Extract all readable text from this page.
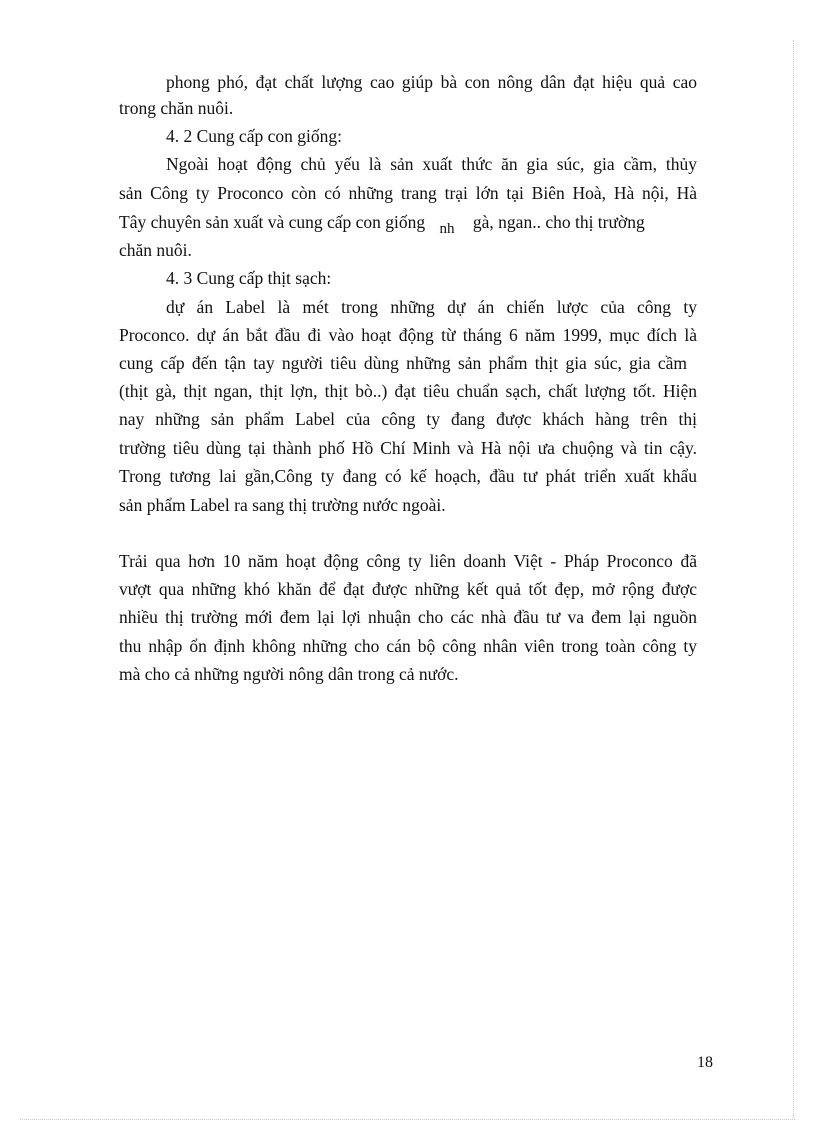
phong phó, đạt chất lượng cao giúp bà con nông dân đạt hiệu quả cao
trong chăn nuôi.
4. 2 Cung cấp con giống:
Ngoài hoạt động chủ yếu là sản xuất thức ăn gia súc, gia cầm, thủy
sản Công ty Proconco còn có những trang trại lớn tại Biên Hoà, Hà nội, Hà
Tây chuyên sản xuất và cung cấp con giống nh gà, ngan.. cho thị trường
chăn nuôi.
4. 3 Cung cấp thịt sạch:
dự án Label là mét trong những dự án chiến lược của công ty
Proconco. dự án bắt đầu đi vào hoạt động từ tháng 6 năm 1999, mục đích là
cung cấp đến tận tay người tiêu dùng những sản phẩm thịt gia súc, gia cầm
(thịt gà, thịt ngan, thịt lợn, thịt bò..) đạt tiêu chuẩn sạch, chất lượng tốt. Hiện
nay những sản phẩm Label của công ty đang được khách hàng trên thị
trường tiêu dùng tại thành phố Hồ Chí Minh và Hà nội ưa chuộng và tin cậy.
Trong tương lai gần,Công ty đang có kế hoạch, đầu tư phát triển xuất khẩu
sản phẩm Label ra sang thị trường nước ngoài.
Trải qua hơn 10 năm hoạt động công ty liên doanh Việt - Pháp Proconco đã
vượt qua những khó khăn để đạt được những kết quả tốt đẹp, mở rộng được
nhiều thị trường mới đem lại lợi nhuận cho các nhà đầu tư va đem lại nguồn
thu nhập ổn định không những cho cán bộ công nhân viên trong toàn công ty
mà cho cả những người nông dân trong cả nước.
18
